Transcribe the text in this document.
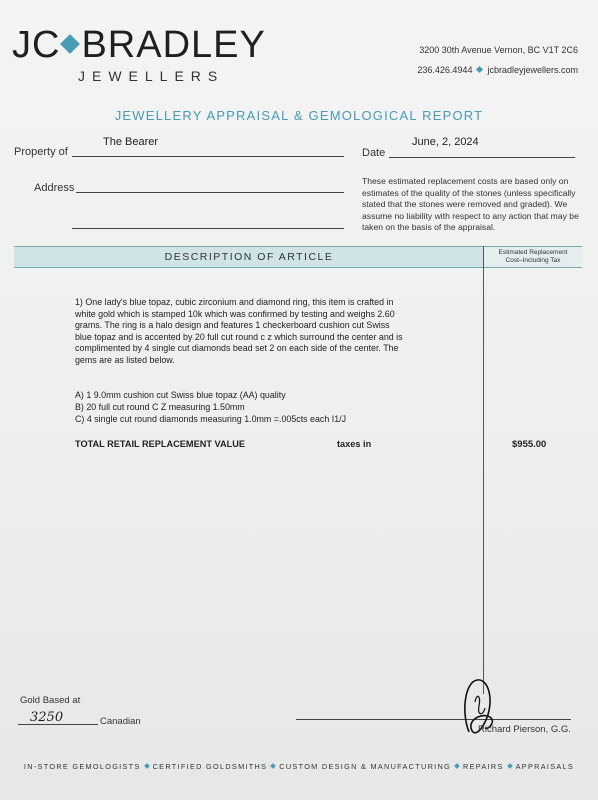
JC BRADLEY
JEWELLERS
3200 30th Avenue Vernon, BC V1T 2C6
236.426.4944 jcbradleyjewellers.com
JEWELLERY APPRAISAL & GEMOLOGICAL REPORT
Property of
The Bearer
Date
June, 2, 2024
Address
These estimated replacement costs are based only on estimates of the quality of the stones (unless specifically stated that the stones were removed and graded). We assume no liability with respect to any action that may be taken on the basis of the appraisal.
DESCRIPTION OF ARTICLE	Estimated Replacement
Cost–Including Tax
1) One lady's blue topaz, cubic zirconium and diamond ring, this item is crafted in white gold which is stamped 10k which was confirmed by testing and weighs 2.60 grams. The ring is a halo design and features 1 checkerboard cushion cut Swiss blue topaz and is accented by 20 full cut round c z which surround the center and is complimented by 4 single cut diamonds bead set 2 on each side of the center. The gems are as listed below.
A) 1 9.0mm cushion cut Swiss blue topaz (AA) quality
B) 20 full cut round C Z measuring 1.50mm
C) 4 single cut round diamonds measuring 1.0mm =.005cts each I1/J
TOTAL RETAIL REPLACEMENT VALUE	taxes in	$955.00
Gold Based at
3250	Canadian
Richard Pierson, G.G.
IN-STORE GEMOLOGISTS CERTIFIED GOLDSMITHS CUSTOM DESIGN & MANUFACTURING REPAIRS APPRAISALS
